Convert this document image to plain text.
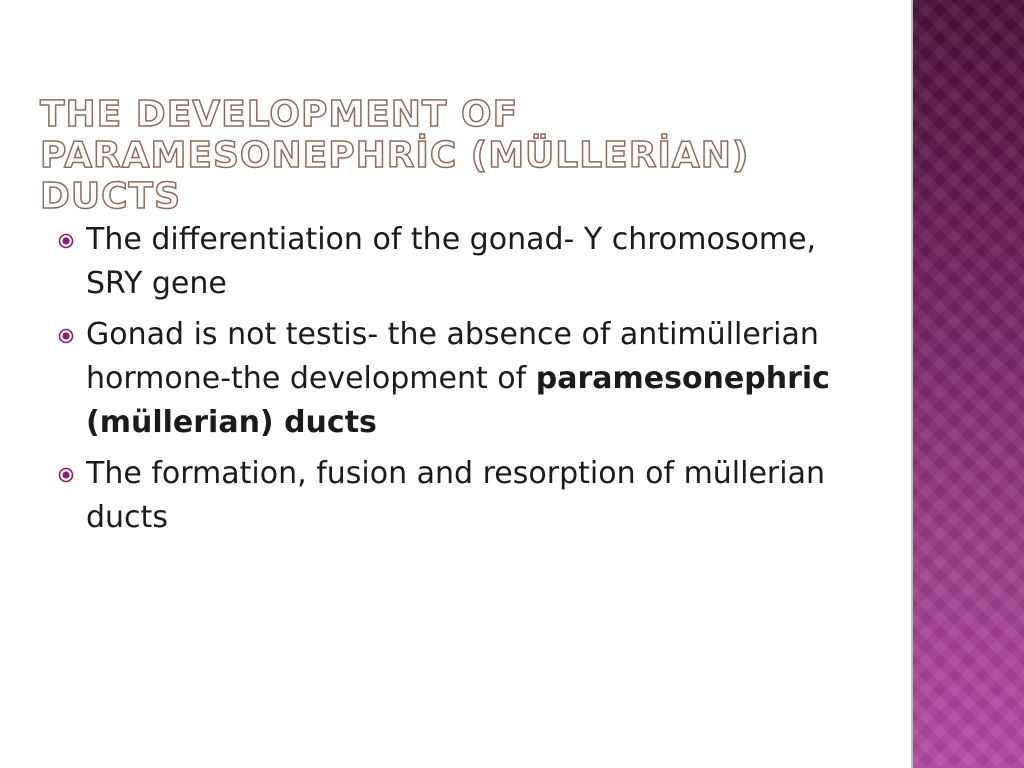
THE DEVELOPMENT OF PARAMESONEPHRİC (MÜLLERİAN) DUCTS
The differentiation of the gonad- Y chromosome, SRY gene
Gonad is not testis- the absence of antimüllerian hormone-the development of paramesonephric (müllerian) ducts
The formation, fusion and resorption of müllerian ducts
